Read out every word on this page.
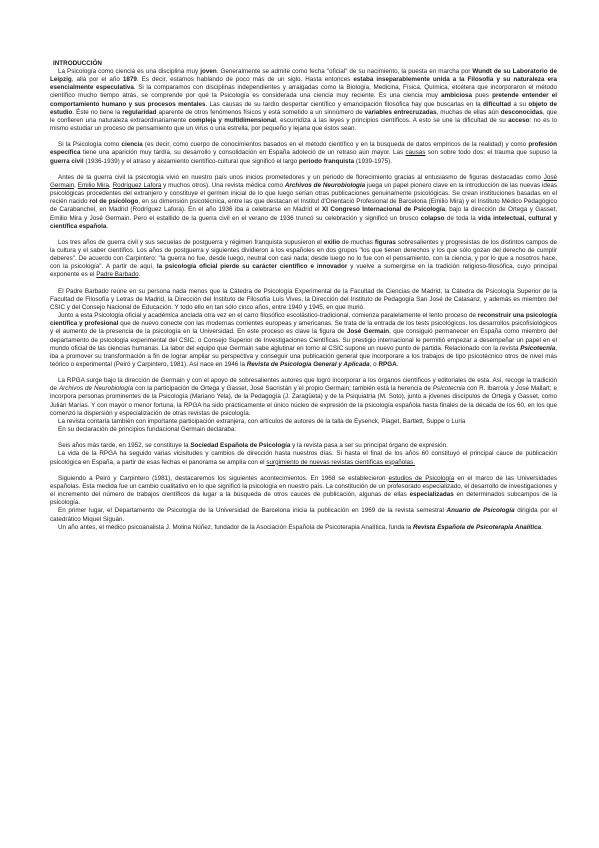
INTRODUCCIÓN

La Psicología como ciencia es una disciplina muy joven. Generalmente se admite como fecha "oficial" de su nacimiento, la puesta en marcha por Wundt de su Laboratorio de Leipzig, allá por el año 1879. Es decir, estamos hablando de poco más de un siglo. Hasta entonces estaba inseparablemente unida a la Filosofía y su naturaleza era esencialmente especulativa. Si la comparamos con disciplinas independientes y arraigadas como la Biología, Medicina, Física, Química, etcétera que incorporaron el método científico mucho tiempo atrás, se comprende por qué la Psicología es considerada una ciencia muy reciente. Es una ciencia muy ambiciosa pues pretende entender el comportamiento humano y sus procesos mentales. Las causas de su tardío despertar científico y emancipación filosófica hay que buscarlas en la dificultad a su objeto de estudio. Éste no tiene la regularidad aparente de otros fenómenos físicos y está sometido a un sinnúmero de variables entrecruzadas, muchas de ellas aún desconocidas, que le confieren una naturaleza extraordinariamente compleja y multidimensional, escurridiza a las leyes y principios científicos. A esto se une la dificultad de su acceso: no es lo mismo estudiar un proceso de pensamiento que un virus o una estrella, por pequeño y lejana que éstos sean.

Si la Psicología como ciencia (es decir, como cuerpo de conocimientos basados en el método científico y en la búsqueda de datos empíricos de la realidad) y como profesión específica tiene una aparición muy tardía, su desarrollo y consolidación en España adoleció de un retraso aún mayor. Las causas son sobre todo dos: el trauma que supuso la guerra civil (1936-1939) y el atraso y aislamiento científico-cultural que significó el largo periodo franquista (1939-1975).

Antes de la guerra civil la psicología vivió en nuestro país unos inicios prometedores y un periodo de florecimiento gracias al entusiasmo de figuras destacadas como José Germain, Emilio Mira, Rodríguez Lafora y muchos otros). Una revista médica como Archivos de Neurobiología juega un papel pionero clave en la introducción de las nuevas ideas psicológicas procedentes del extranjero y constituye el germen inicial de lo que luego serían otras publicaciones genuinamente psicológicas. Se crean instituciones basadas en el recién nacido rol de psicólogo, en su dimensión psicotécnica, entre las que destacan el Institut d'Orientació Profesional de Barcelona (Emilio Mira) y el Instituto Médico Pedagógico de Carabanchel, en Madrid (Rodríguez Lafora). En el año 1936 iba a celebrarse en Madrid el XI Congreso Internacional de Psicología, bajo la dirección de Ortega y Gasset, Emilio Mira y José Germain. Pero el estallido de la guerra civil en el verano de 1936 truncó su celebración y significó un brusco colapso de toda la vida intelectual, cultural y científica española.

Los tres años de guerra civil y sus secuelas de postguerra y régimen franquista supusieron el exilio de muchas figuras sobresalientes y progresistas de los distintos campos de la cultura y el saber científico. Los años de postguerra y siguientes dividieron a los españoles en dos grupos "los que tienen derechos y los que sólo gozan del derecho de cumplir deberes". De acuerdo con Carpintero: "la guerra no fue, desde luego, neutral con casi nada; desde luego no lo fue con el pensamiento, con la ciencia, y por lo que a nosotros hace, con la psicología". A partir de aquí, la psicología oficial pierde su carácter científico e innovador y vuelve a sumergirse en la tradición religioso-filosófica, cuyo principal exponente es el Padre Barbado.

El Padre Barbado reúne en su persona nada menos que la Cátedra de Psicología Experimental de la Facultad de Ciencias de Madrid, la Cátedra de Psicología Superior de la Facultad de Filosofía y Letras de Madrid, la Dirección del Instituto de Filosofía Luis Vives, la Dirección del Instituto de Pedagogía San José de Calasanz, y además es miembro del CSIC y del Consejo Nacional de Educación. Y todo ello en tan sólo cinco años, entre 1940 y 1945, en que murió.

Junto a esta Psicología oficial y académica anclada otra vez en el carro filosófico escolástico-tradicional, comienza paralelamente el lento proceso de reconstruir una psicología científica y profesional que de nuevo conecte con las modernas corrientes europeas y americanas. Se trata de la entrada de los tests psicológicos, los desarrollos psicofisiológicos y el aumento de la presencia de la psicología en la Universidad. En este proceso es clave la figura de José Germain, que consiguió permanecer en España como miembro del departamento de psicología experimental del CSIC, o Consejo Superior de Investigaciones Científicas. Su prestigio internacional le permitió empezar a desempeñar un papel en el mundo oficial de las ciencias humanas. La labor del equipo que Germain sabe aglutinar en torno al CSIC supone un nuevo punto de partida. Relacionado con la revista Psicotecnia, iba a promover su transformación a fin de lograr ampliar su perspectiva y conseguir una publicación general que incorporare a los trabajos de tipo psicotécnico otros de nivel más teórico o experimental (Peiró y Carpintero, 1981). Así nace en 1946 la Revista de Psicología General y Aplicada, o RPGA.

La RPGA surge bajo la dirección de Germain y con el apoyo de sobresalientes autores que logró incorporar a los órganos científicos y editoriales de esta. Así, recoge la tradición de Archivos de Neurobiología con la participación de Ortega y Gasset, José Sacristán y el propio Germain; también está la herencia de Psicotecnia con R. Ibarrola y José Mallart; e incorpora personas prominentes de la Psicología (Mariano Yela), de la Pedagogía (J. Zaragüeta) y de la Psiquiatría (M. Soto), junto a jóvenes discípulos de Ortega y Gasset, como Julián Marías. Y con mayor o menor fortuna, la RPGA ha sido prácticamente el único núcleo de expresión de la psicología española hasta finales de la década de los 60, en los que comenzó la dispersión y especialización de otras revistas de psicología.

La revista contaría también con importante participación extranjera, con artículos de autores de la talla de Eysenck, Piaget, Bartlett, Suppe o Luria

En su declaración de principios fundacional Germain declaraba:

Seis años más tarde, en 1952, se constituye la Sociedad Española de Psicología y la revista pasa a ser su principal órgano de expresión.

La vida de la RPGA ha seguido varias vicisitudes y cambios de dirección hasta nuestros días. Si hasta el final de los años 60 constituyó el principal cauce de publicación psicológica en España, a partir de esas fechas el panorama se amplía con el surgimiento de nuevas revistas científicas españolas.

Siguiendo a Peiró y Carpintero (1981), destacaremos los siguientes acontecimientos. En 1968 se establecieron estudios de Psicología en el marco de las Universidades españolas. Esta medida fue un cambio cualitativo en lo que significó la psicología en nuestro país. La constitución de un profesorado especializado, el desarrollo de investigaciones y el incremento del número de trabajos científicos da lugar a la búsqueda de otros cauces de publicación, algunas de ellas especializadas en determinados subcampos de la psicología.

En primer lugar, el Departamento de Psicología de la Universidad de Barcelona inicia la publicación en 1969 de la revista semestral Anuario de Psicología dirigida por el catedrático Miquel Siguán.

Un año antes, el médico psicoanalista J. Molina Núñez, fundador de la Asociación Española de Psicoterapia Analítica, funda la Revista Española de Psicoterapia Analítica.
